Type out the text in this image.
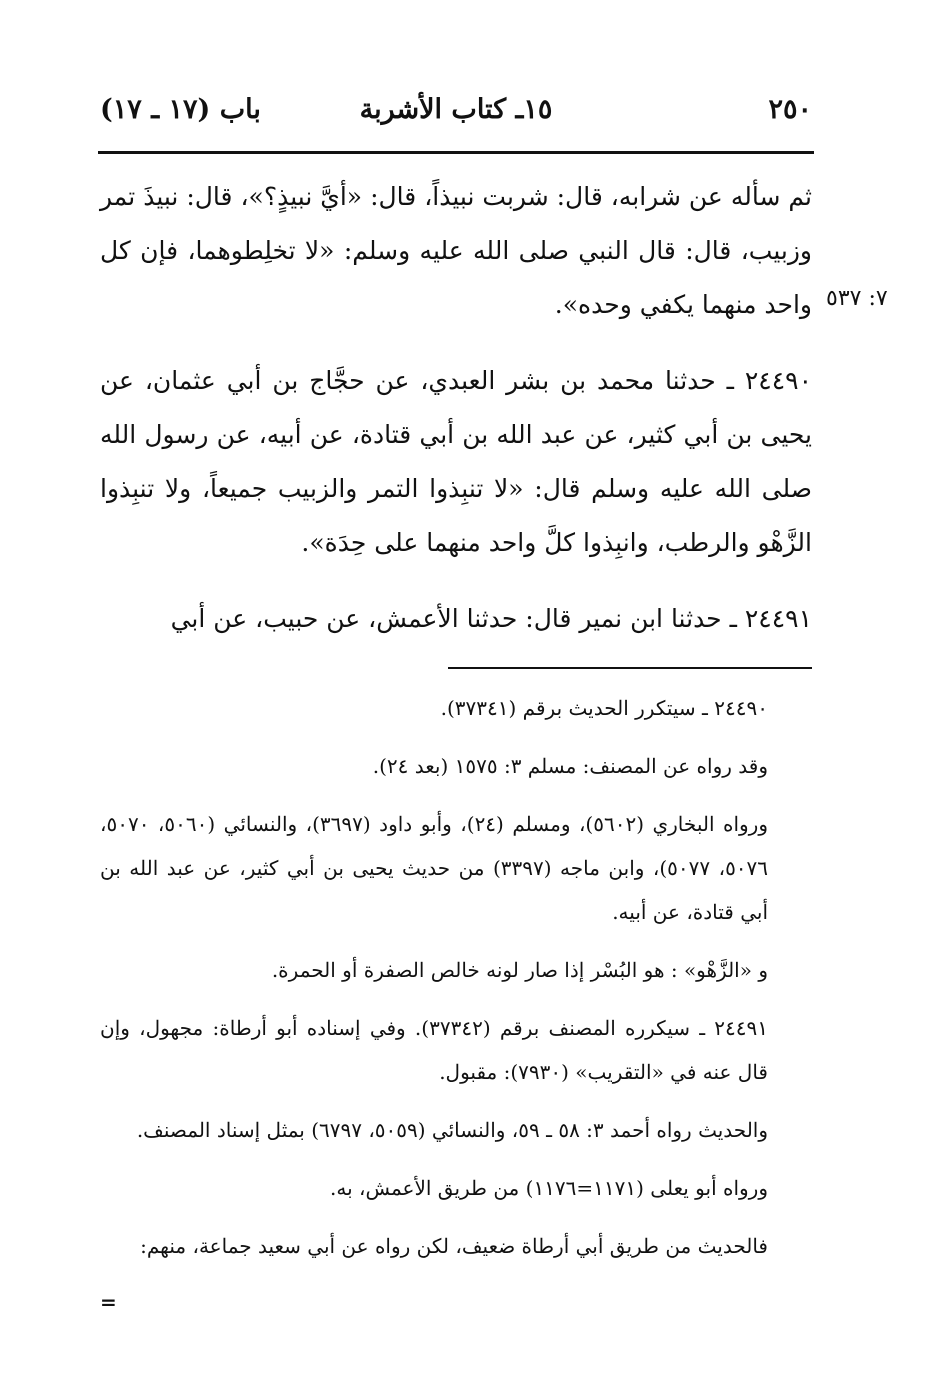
٢٥٠
١٥ـ كتاب الأشربة
باب (١٧ ـ ١٧)
٧: ٥٣٧

ثم سأله عن شرابه، قال: شربت نبيذاً، قال: «أيَّ نبيذٍ؟»، قال: نبيذَ تمر وزبيب، قال: قال النبي صلى الله عليه وسلم: «لا تخلِطوهما، فإن كل واحد منهما يكفي وحده».

٢٤٤٩٠ ـ حدثنا محمد بن بشر العبدي، عن حجَّاج بن أبي عثمان، عن يحيى بن أبي كثير، عن عبد الله بن أبي قتادة، عن أبيه، عن رسول الله صلى الله عليه وسلم قال: «لا تنبِذوا التمر والزبيب جميعاً، ولا تنبِذوا الزَّهْو والرطب، وانبِذوا كلَّ واحد منهما على حِدَة».

٢٤٤٩١ ـ حدثنا ابن نمير قال: حدثنا الأعمش، عن حبيب، عن أبي

٢٤٤٩٠ ـ سيتكرر الحديث برقم (٣٧٣٤١).

وقد رواه عن المصنف: مسلم ٣: ١٥٧٥ (بعد ٢٤).

ورواه البخاري (٥٦٠٢)، ومسلم (٢٤)، وأبو داود (٣٦٩٧)، والنسائي (٥٠٦٠، ٥٠٧٠، ٥٠٧٦، ٥٠٧٧)، وابن ماجه (٣٣٩٧) من حديث يحيى بن أبي كثير، عن عبد الله بن أبي قتادة، عن أبيه.

و «الزَّهْو» : هو البُسْر إذا صار لونه خالص الصفرة أو الحمرة.

٢٤٤٩١ ـ سيكرره المصنف برقم (٣٧٣٤٢). وفي إسناده أبو أرطاة: مجهول، وإن قال عنه في «التقريب» (٧٩٣٠): مقبول.

والحديث رواه أحمد ٣: ٥٨ ـ ٥٩، والنسائي (٥٠٥٩، ٦٧٩٧) بمثل إسناد المصنف.

ورواه أبو يعلى (١١٧١=١١٧٦) من طريق الأعمش، به.

فالحديث من طريق أبي أرطاة ضعيف، لكن رواه عن أبي سعيد جماعة، منهم:

=
